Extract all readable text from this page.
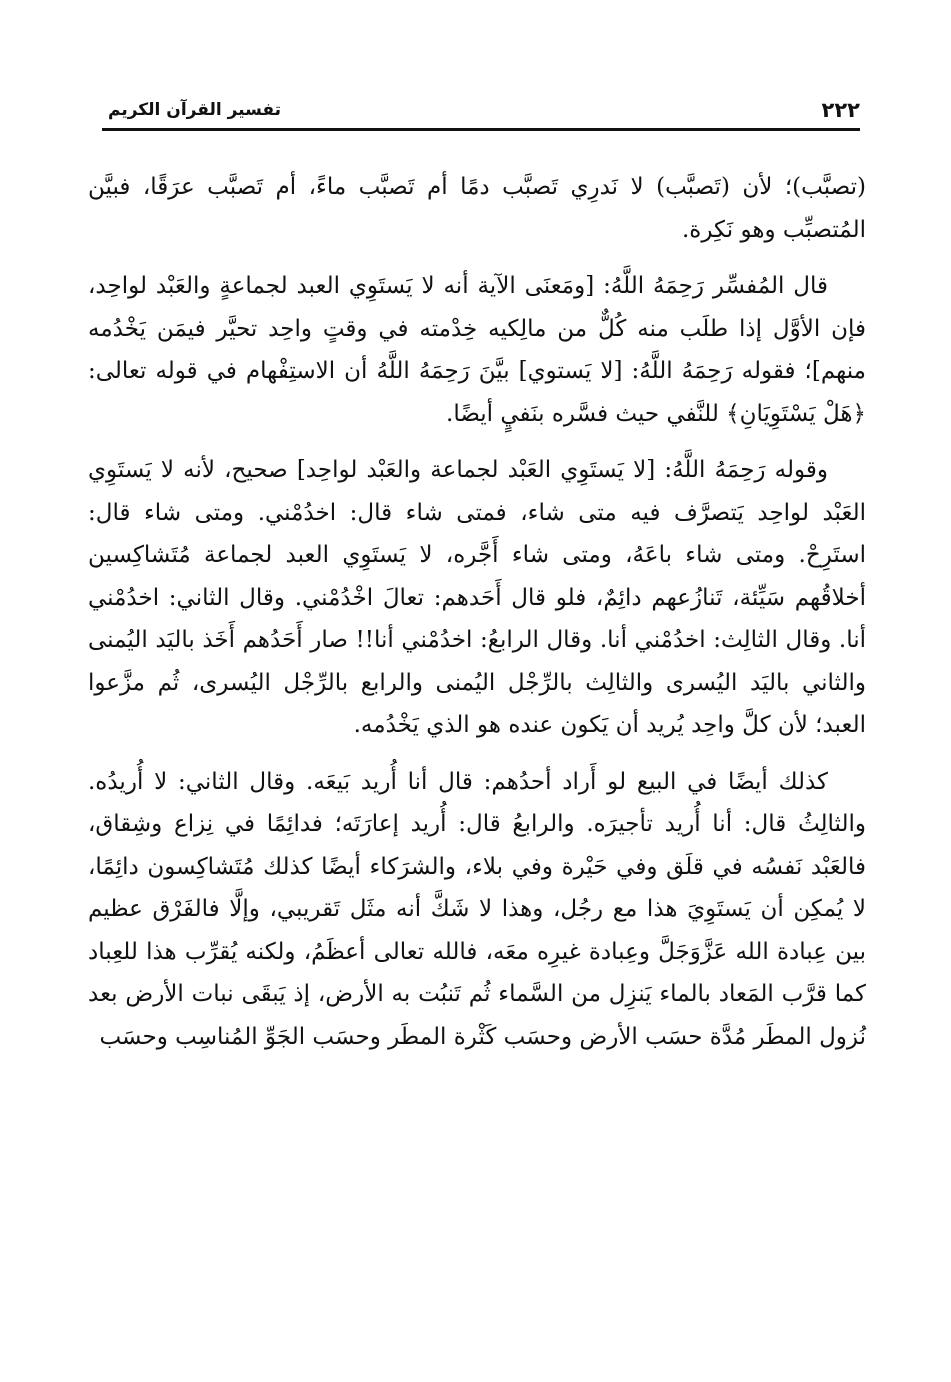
٢٢٢
تفسير القرآن الكريم

(تصبَّب)؛ لأن (تَصبَّب) لا نَدرِي تَصبَّب دمًا أم تَصبَّب ماءً، أم تَصبَّب عرَقًا، فبيَّن المُتصبِّب وهو نَكِرة.

قال المُفسِّر رَحِمَهُ اللَّهُ: [ومَعنَى الآية أنه لا يَستَوِي العبد لجماعةٍ والعَبْد لواحِد، فإن الأوَّل إذا طلَب منه كُلٌّ من مالِكيه خِدْمته في وقتٍ واحِد تحيَّر فيمَن يَخْدُمه منهم]؛ فقوله رَحِمَهُ اللَّهُ: [لا يَستوي] بيَّنَ رَحِمَهُ اللَّهُ أن الاستِفْهام في قوله تعالى: ﴿هَلْ يَسْتَوِيَانِ﴾ للنَّفي حيث فسَّره بنَفيٍ أيضًا.

وقوله رَحِمَهُ اللَّهُ: [لا يَستَوِي العَبْد لجماعة والعَبْد لواحِد] صحيح، لأنه لا يَستَوِي العَبْد لواحِد يَتصرَّف فيه متى شاء، فمتى شاء قال: اخدُمْني. ومتى شاء قال: استَرِحْ. ومتى شاء باعَهُ، ومتى شاء أَجَّره، لا يَستَوِي العبد لجماعة مُتَشاكِسين أخلاقُهم سَيِّئة، تَنازُعهم دائِمٌ، فلو قال أَحَدهم: تعالَ اخْدُمْني. وقال الثاني: اخدُمْني أنا. وقال الثالِث: اخدُمْني أنا. وقال الرابعُ: اخدُمْني أنا!! صار أَحَدُهم أَخَذ باليَد اليُمنى والثاني باليَد اليُسرى والثالِث بالرِّجْل اليُمنى والرابع بالرِّجْل اليُسرى، ثُم مزَّعوا العبد؛ لأن كلَّ واحِد يُريد أن يَكون عنده هو الذي يَخْدُمه.

كذلك أيضًا في البيع لو أَراد أحدُهم: قال أنا أُريد بَيعَه. وقال الثاني: لا أُريدُه. والثالِثُ قال: أنا أُريد تأجيرَه. والرابعُ قال: أُريد إعارَتَه؛ فدائِمًا في نِزاع وشِقاق، فالعَبْد نَفسُه في قلَق وفي حَيْرة وفي بلاء، والشرَكاء أيضًا كذلك مُتَشاكِسون دائِمًا، لا يُمكِن أن يَستَوِيَ هذا مع رجُل، وهذا لا شَكَّ أنه مثَل تَقريبي، وإلَّا فالفَرْق عظيم بين عِبادة الله عَزَّوَجَلَّ وعِبادة غيرِه معَه، فالله تعالى أعظَمُ، ولكنه يُقرِّب هذا للعِباد كما قرَّب المَعاد بالماء يَنزِل من السَّماء ثُم تَنبُت به الأرض، إذ يَبقَى نبات الأرض بعد نُزول المطَر مُدَّة حسَب الأرض وحسَب كَثْرة المطَر وحسَب الجَوِّ المُناسِب وحسَب
